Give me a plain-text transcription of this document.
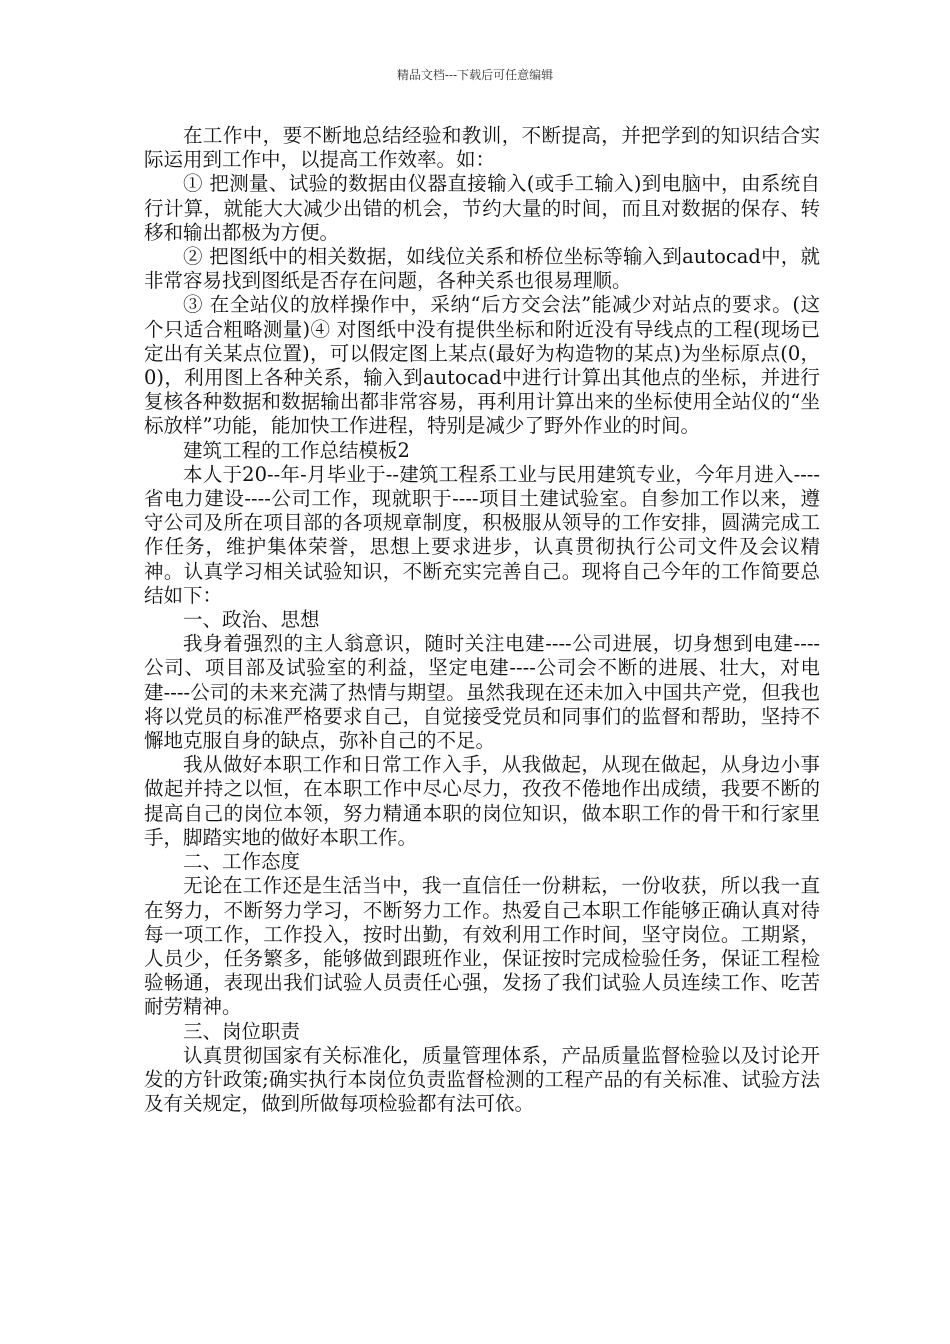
精品文档---下载后可任意编辑

在工作中，要不断地总结经验和教训，不断提高，并把学到的知识结合实际运用到工作中，以提高工作效率。如：

① 把测量、试验的数据由仪器直接输入(或手工输入)到电脑中，由系统自行计算，就能大大减少出错的机会，节约大量的时间，而且对数据的保存、转移和输出都极为方便。

② 把图纸中的相关数据，如线位关系和桥位坐标等输入到autocad中，就非常容易找到图纸是否存在问题，各种关系也很易理顺。

③ 在全站仪的放样操作中，采纳“后方交会法”能减少对站点的要求。(这个只适合粗略测量)④ 对图纸中没有提供坐标和附近没有导线点的工程(现场已定出有关某点位置)，可以假定图上某点(最好为构造物的某点)为坐标原点(0，0)，利用图上各种关系，输入到autocad中进行计算出其他点的坐标，并进行复核各种数据和数据输出都非常容易，再利用计算出来的坐标使用全站仪的“坐标放样”功能，能加快工作进程，特别是减少了野外作业的时间。

建筑工程的工作总结模板2

本人于20--年-月毕业于--建筑工程系工业与民用建筑专业，今年月进入----省电力建设----公司工作，现就职于----项目土建试验室。自参加工作以来，遵守公司及所在项目部的各项规章制度，积极服从领导的工作安排，圆满完成工作任务，维护集体荣誉，思想上要求进步，认真贯彻执行公司文件及会议精神。认真学习相关试验知识，不断充实完善自己。现将自己今年的工作简要总结如下：

一、政治、思想

我身着强烈的主人翁意识，随时关注电建----公司进展，切身想到电建----公司、项目部及试验室的利益，坚定电建----公司会不断的进展、壮大，对电建----公司的未来充满了热情与期望。虽然我现在还未加入中国共产党，但我也将以党员的标准严格要求自己，自觉接受党员和同事们的监督和帮助，坚持不懈地克服自身的缺点，弥补自己的不足。

我从做好本职工作和日常工作入手，从我做起，从现在做起，从身边小事做起并持之以恒，在本职工作中尽心尽力，孜孜不倦地作出成绩，我要不断的提高自己的岗位本领，努力精通本职的岗位知识，做本职工作的骨干和行家里手，脚踏实地的做好本职工作。

二、工作态度

无论在工作还是生活当中，我一直信任一份耕耘，一份收获，所以我一直在努力，不断努力学习，不断努力工作。热爱自己本职工作能够正确认真对待每一项工作，工作投入，按时出勤，有效利用工作时间，坚守岗位。工期紧，人员少，任务繁多，能够做到跟班作业，保证按时完成检验任务，保证工程检验畅通，表现出我们试验人员责任心强，发扬了我们试验人员连续工作、吃苦耐劳精神。

三、岗位职责

认真贯彻国家有关标准化，质量管理体系，产品质量监督检验以及讨论开发的方针政策;确实执行本岗位负责监督检测的工程产品的有关标准、试验方法及有关规定，做到所做每项检验都有法可依。
